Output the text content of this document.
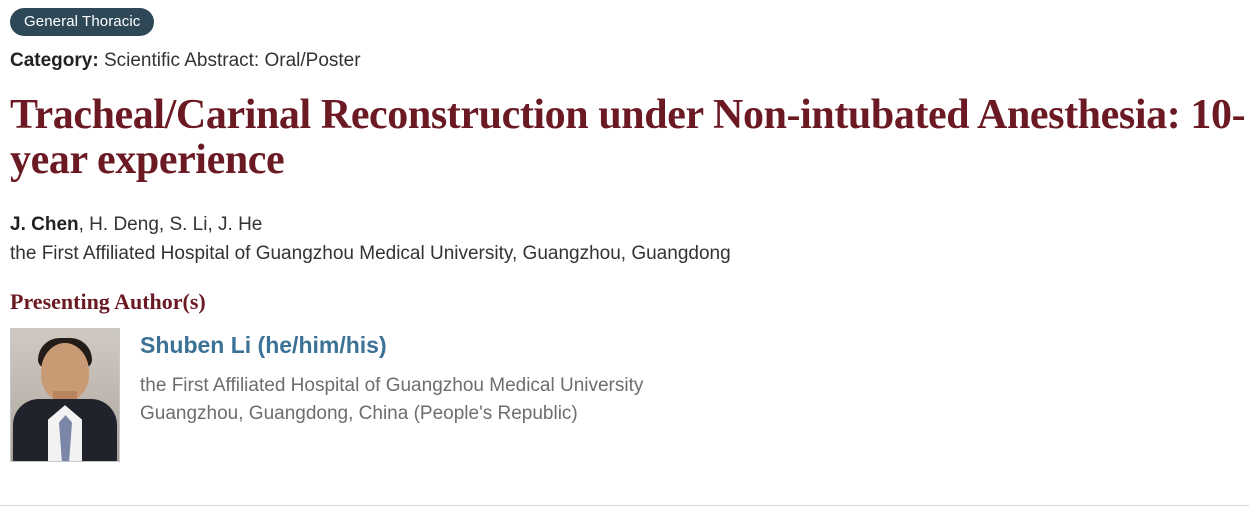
General Thoracic
Category: Scientific Abstract: Oral/Poster
Tracheal/Carinal Reconstruction under Non-intubated Anesthesia: 10-year experience
J. Chen, H. Deng, S. Li, J. He
the First Affiliated Hospital of Guangzhou Medical University, Guangzhou, Guangdong
Presenting Author(s)
Shuben Li (he/him/his)
the First Affiliated Hospital of Guangzhou Medical University
Guangzhou, Guangdong, China (People's Republic)
